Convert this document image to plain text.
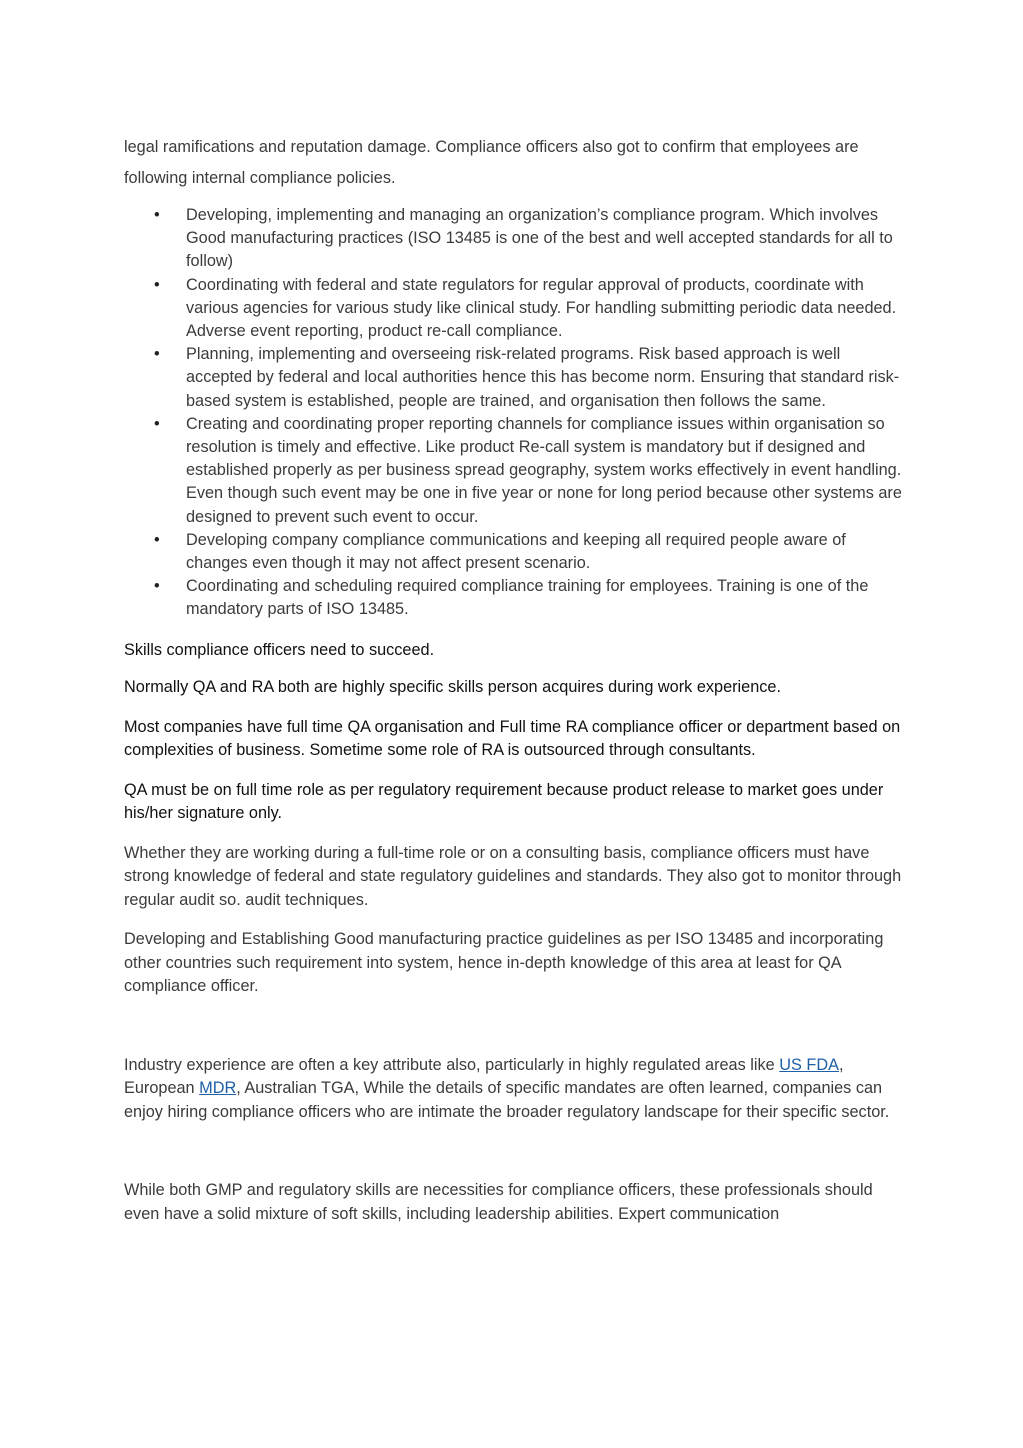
legal ramifications and reputation damage. Compliance officers also got to confirm that employees are following internal compliance policies.

• Developing, implementing and managing an organization’s compliance program. Which involves Good manufacturing practices (ISO 13485 is one of the best and well accepted standards for all to follow)
• Coordinating with federal and state regulators for regular approval of products, coordinate with various agencies for various study like clinical study. For handling submitting periodic data needed. Adverse event reporting, product re-call compliance.
• Planning, implementing and overseeing risk-related programs. Risk based approach is well accepted by federal and local authorities hence this has become norm. Ensuring that standard risk- based system is established, people are trained, and organisation then follows the same.
• Creating and coordinating proper reporting channels for compliance issues within organisation so resolution is timely and effective. Like product Re-call system is mandatory but if designed and established properly as per business spread geography, system works effectively in event handling. Even though such event may be one in five year or none for long period because other systems are designed to prevent such event to occur.
• Developing company compliance communications and keeping all required people aware of changes even though it may not affect present scenario.
• Coordinating and scheduling required compliance training for employees. Training is one of the mandatory parts of ISO 13485.

Skills compliance officers need to succeed.

Normally QA and RA both are highly specific skills person acquires during work experience.

Most companies have full time QA organisation and Full time RA compliance officer or department based on complexities of business. Sometime some role of RA is outsourced through consultants.

QA must be on full time role as per regulatory requirement because product release to market goes under his/her signature only.

Whether they are working during a full-time role or on a consulting basis, compliance officers must have strong knowledge of federal and state regulatory guidelines and standards. They also got to monitor through regular audit so. audit techniques.

Developing and Establishing Good manufacturing practice guidelines as per ISO 13485 and incorporating other countries such requirement into system, hence in-depth knowledge of this area at least for QA compliance officer.

Industry experience are often a key attribute also, particularly in highly regulated areas like US FDA, European MDR, Australian TGA, While the details of specific mandates are often learned, companies can enjoy hiring compliance officers who are intimate the broader regulatory landscape for their specific sector.

While both GMP and regulatory skills are necessities for compliance officers, these professionals should even have a solid mixture of soft skills, including leadership abilities. Expert communication
